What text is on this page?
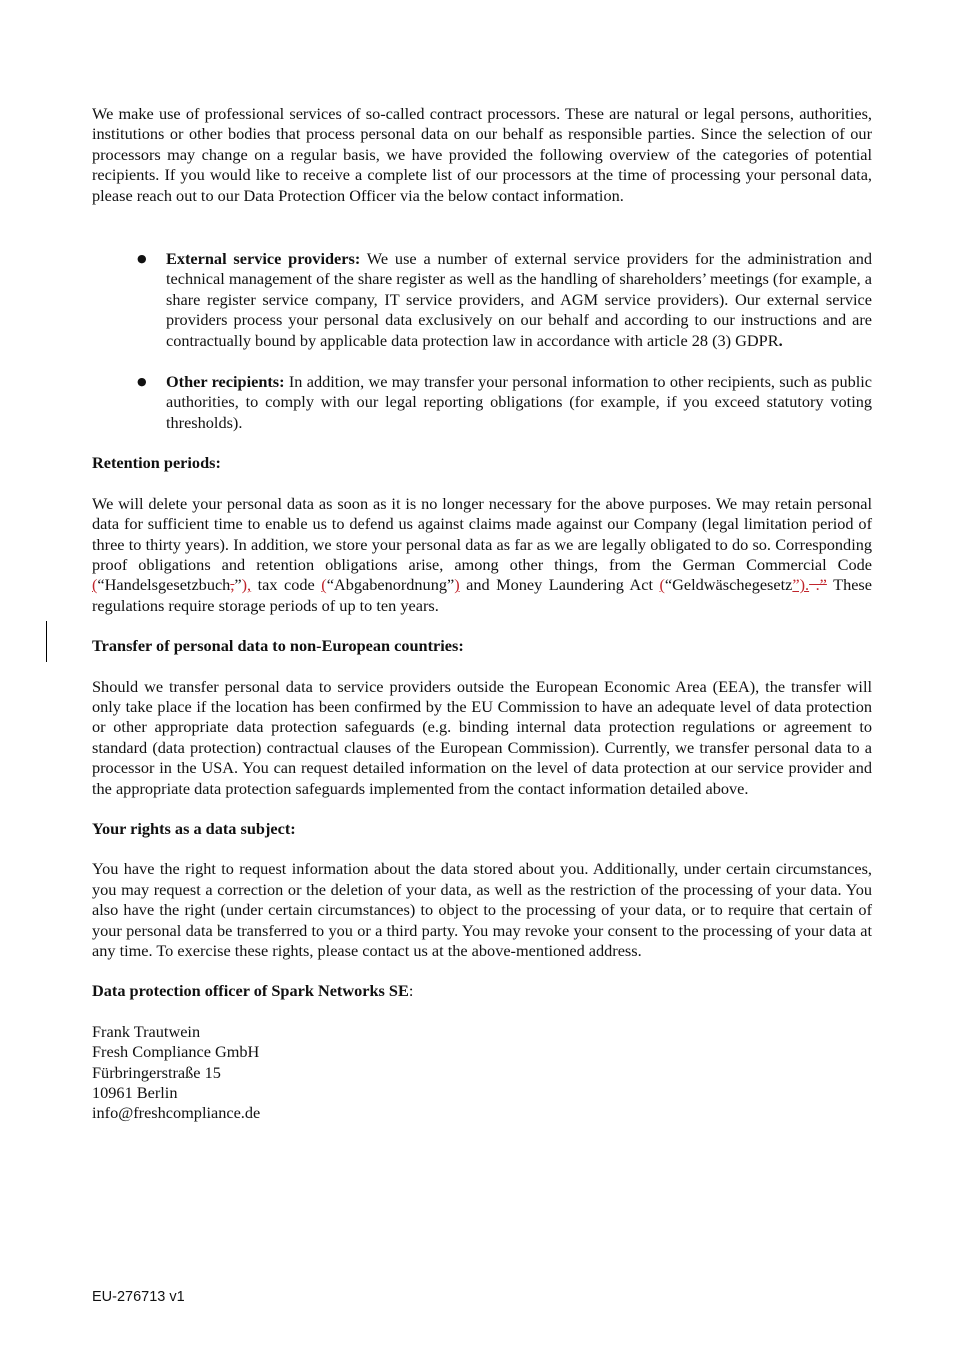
We make use of professional services of so-called contract processors. These are natural or legal persons, authorities, institutions or other bodies that process personal data on our behalf as responsible parties. Since the selection of our processors may change on a regular basis, we have provided the following overview of the categories of potential recipients. If you would like to receive a complete list of our processors at the time of processing your personal data, please reach out to our Data Protection Officer via the below contact information.

● External service providers: We use a number of external service providers for the administration and technical management of the share register as well as the handling of shareholders’ meetings (for example, a share register service company, IT service providers, and AGM service providers). Our external service providers process your personal data exclusively on our behalf and according to our instructions and are contractually bound by applicable data protection law in accordance with article 28 (3) GDPR.
● Other recipients: In addition, we may transfer your personal information to other recipients, such as public authorities, to comply with our legal reporting obligations (for example, if you exceed statutory voting thresholds).

Retention periods:

We will delete your personal data as soon as it is no longer necessary for the above purposes. We may retain personal data for sufficient time to enable us to defend us against claims made against our Company (legal limitation period of three to thirty years). In addition, we store your personal data as far as we are legally obligated to do so. Corresponding proof obligations and retention obligations arise, among other things, from the German Commercial Code (“Handelsgesetzbuch,”), tax code (“Abgabenordnung”) and Money Laundering Act (“Geldwäschegesetz”). .” These regulations require storage periods of up to ten years.

Transfer of personal data to non-European countries:

Should we transfer personal data to service providers outside the European Economic Area (EEA), the transfer will only take place if the location has been confirmed by the EU Commission to have an adequate level of data protection or other appropriate data protection safeguards (e.g. binding internal data protection regulations or agreement to standard (data protection) contractual clauses of the European Commission). Currently, we transfer personal data to a processor in the USA. You can request detailed information on the level of data protection at our service provider and the appropriate data protection safeguards implemented from the contact information detailed above.

Your rights as a data subject:

You have the right to request information about the data stored about you. Additionally, under certain circumstances, you may request a correction or the deletion of your data, as well as the restriction of the processing of your data. You also have the right (under certain circumstances) to object to the processing of your data, or to require that certain of your personal data be transferred to you or a third party. You may revoke your consent to the processing of your data at any time. To exercise these rights, please contact us at the above-mentioned address.

Data protection officer of Spark Networks SE:

Frank Trautwein

Fresh Compliance GmbH

Fürbringerstraße 15

10961 Berlin

info@freshcompliance.de

EU-276713 v1
